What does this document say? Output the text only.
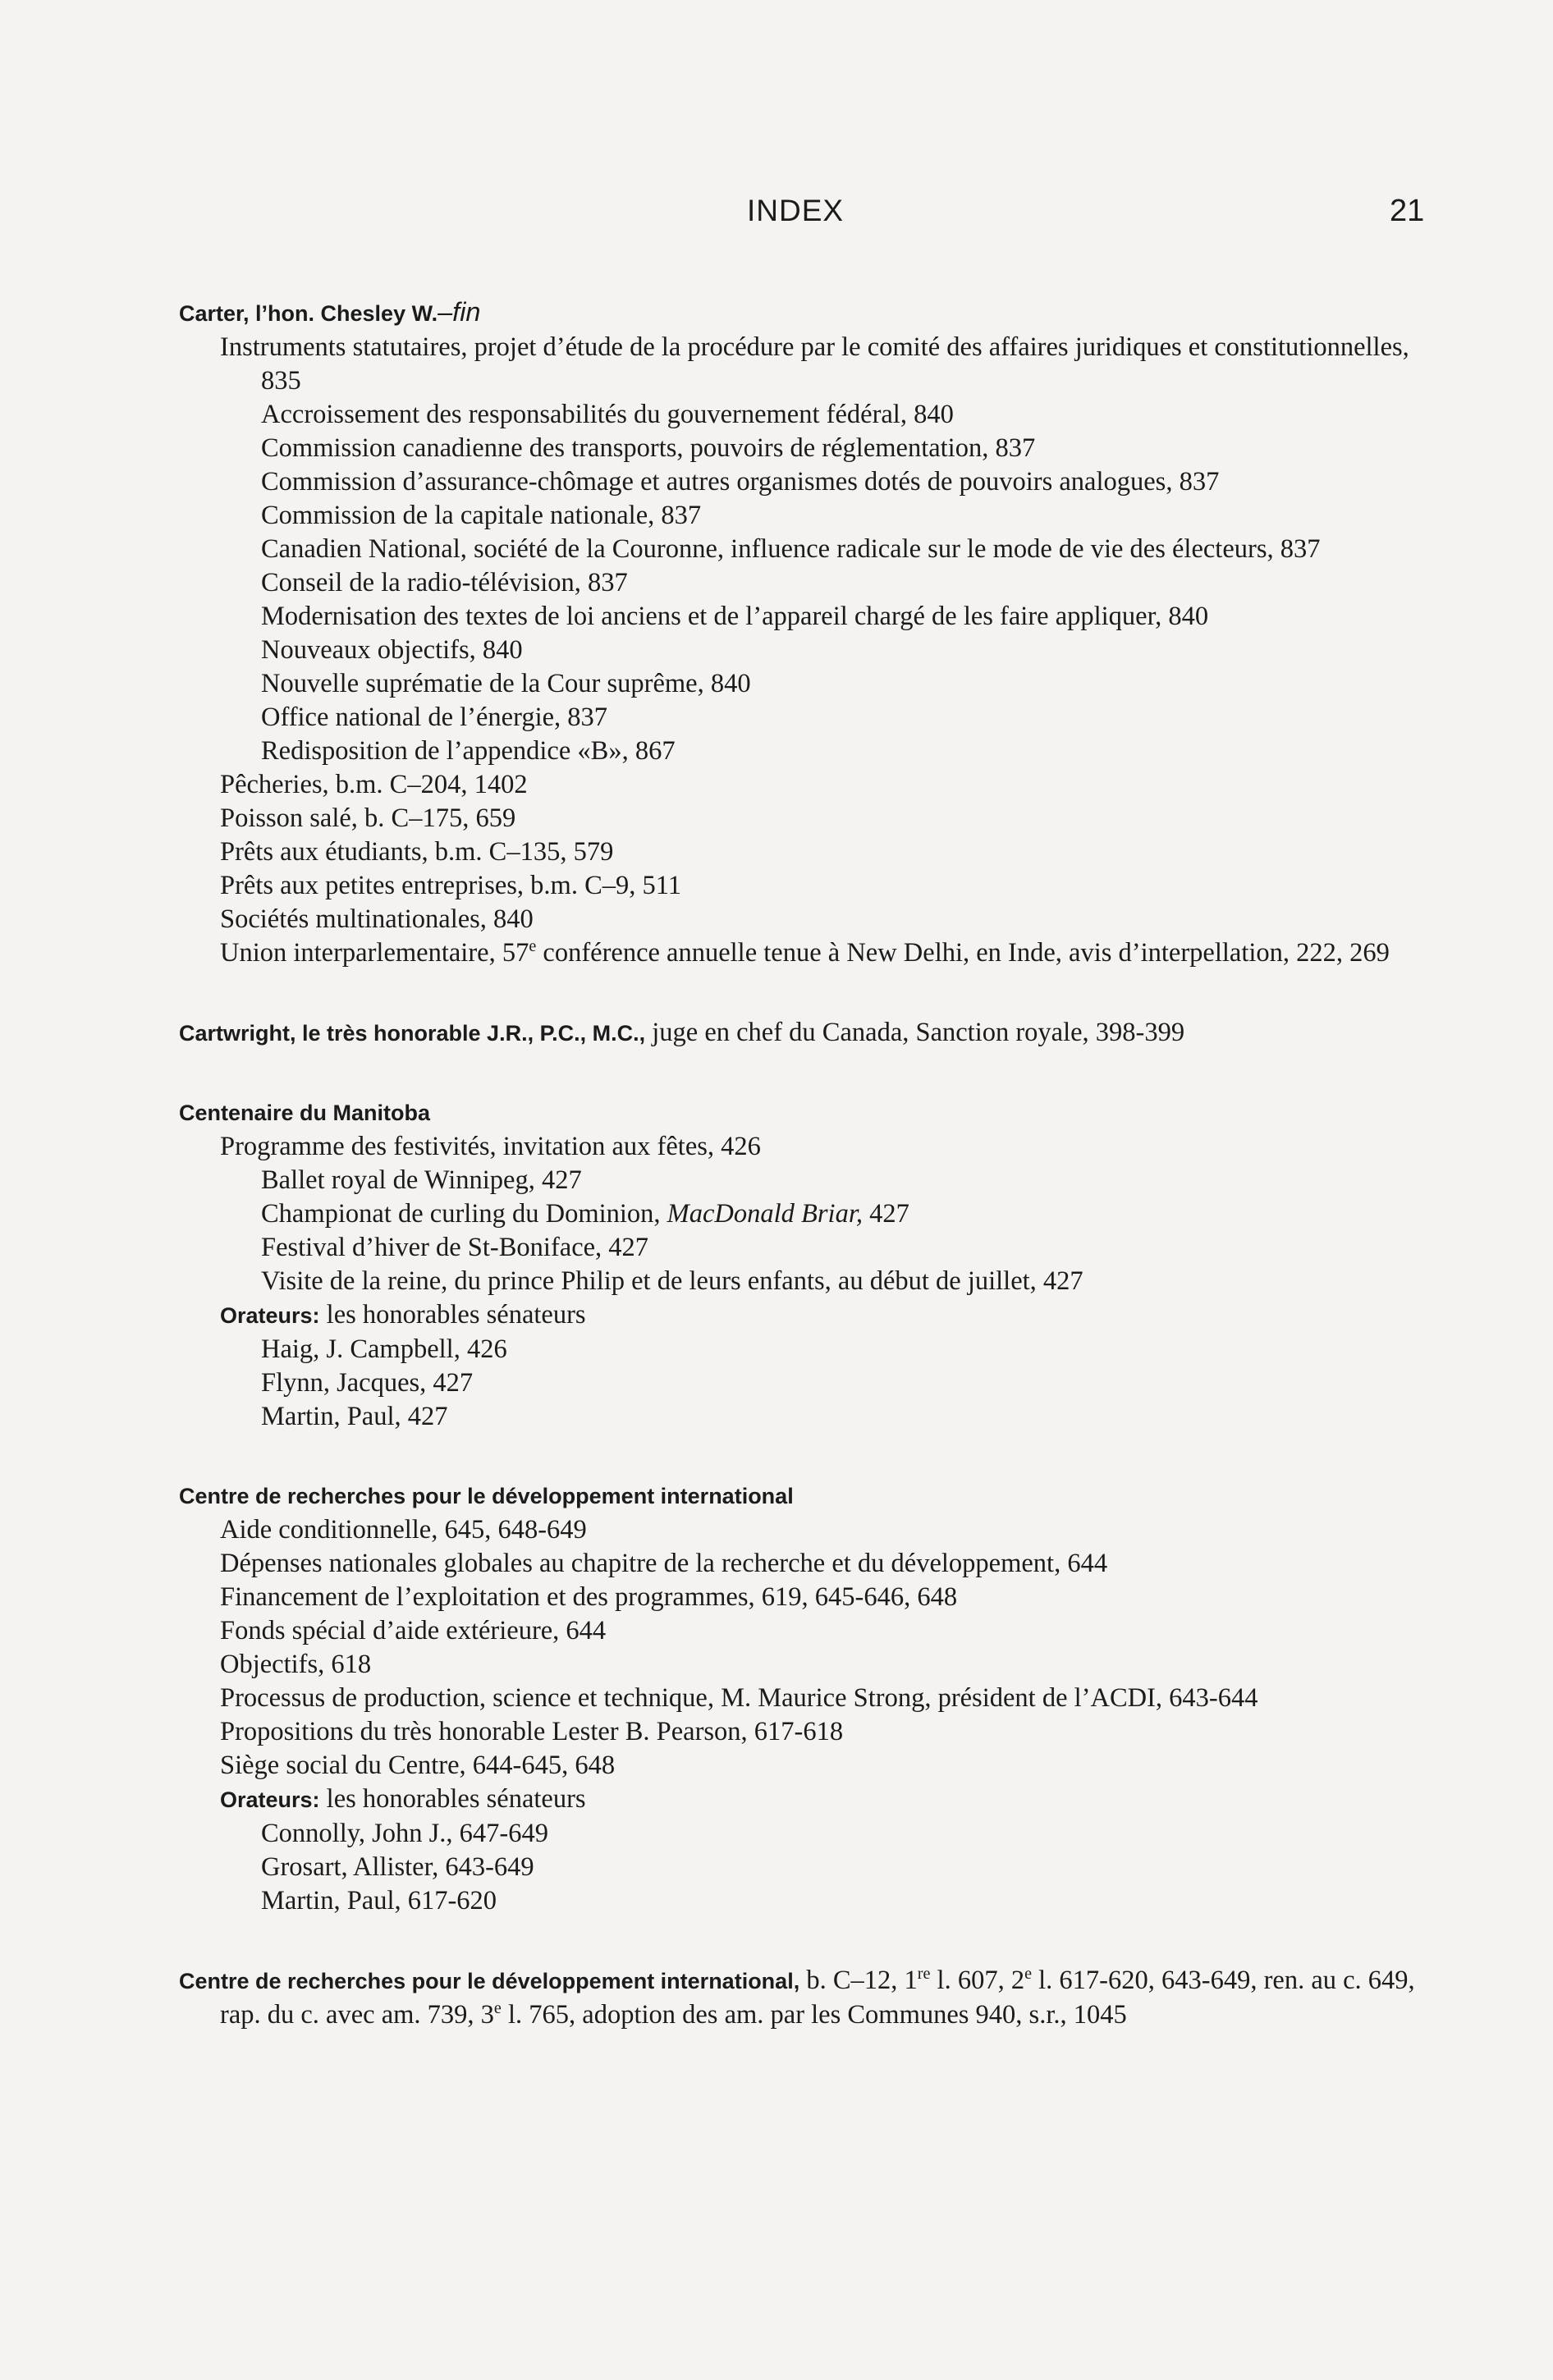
INDEX	21
Carter, l’hon. Chesley W.–fin
Instruments statutaires, projet d’étude de la procédure par le comité des affaires juridiques et constitutionnelles, 835
Accroissement des responsabilités du gouvernement fédéral, 840
Commission canadienne des transports, pouvoirs de réglementation, 837
Commission d’assurance-chômage et autres organismes dotés de pouvoirs analogues, 837
Commission de la capitale nationale, 837
Canadien National, société de la Couronne, influence radicale sur le mode de vie des électeurs, 837
Conseil de la radio-télévision, 837
Modernisation des textes de loi anciens et de l’appareil chargé de les faire appliquer, 840
Nouveaux objectifs, 840
Nouvelle suprématie de la Cour suprême, 840
Office national de l’énergie, 837
Redisposition de l’appendice «B», 867
Pêcheries, b.m. C–204, 1402
Poisson salé, b. C–175, 659
Prêts aux étudiants, b.m. C–135, 579
Prêts aux petites entreprises, b.m. C–9, 511
Sociétés multinationales, 840
Union interparlementaire, 57e conférence annuelle tenue à New Delhi, en Inde, avis d’interpellation, 222, 269
Cartwright, le très honorable J.R., P.C., M.C., juge en chef du Canada, Sanction royale, 398-399
Centenaire du Manitoba
Programme des festivités, invitation aux fêtes, 426
Ballet royal de Winnipeg, 427
Championat de curling du Dominion, MacDonald Briar, 427
Festival d’hiver de St-Boniface, 427
Visite de la reine, du prince Philip et de leurs enfants, au début de juillet, 427
Orateurs: les honorables sénateurs
Haig, J. Campbell, 426
Flynn, Jacques, 427
Martin, Paul, 427
Centre de recherches pour le développement international
Aide conditionnelle, 645, 648-649
Dépenses nationales globales au chapitre de la recherche et du développement, 644
Financement de l’exploitation et des programmes, 619, 645-646, 648
Fonds spécial d’aide extérieure, 644
Objectifs, 618
Processus de production, science et technique, M. Maurice Strong, président de l’ACDI, 643-644
Propositions du très honorable Lester B. Pearson, 617-618
Siège social du Centre, 644-645, 648
Orateurs: les honorables sénateurs
Connolly, John J., 647-649
Grosart, Allister, 643-649
Martin, Paul, 617-620
Centre de recherches pour le développement international, b. C–12, 1re l. 607, 2e l. 617-620, 643-649, ren. au c. 649, rap. du c. avec am. 739, 3e l. 765, adoption des am. par les Communes 940, s.r., 1045
